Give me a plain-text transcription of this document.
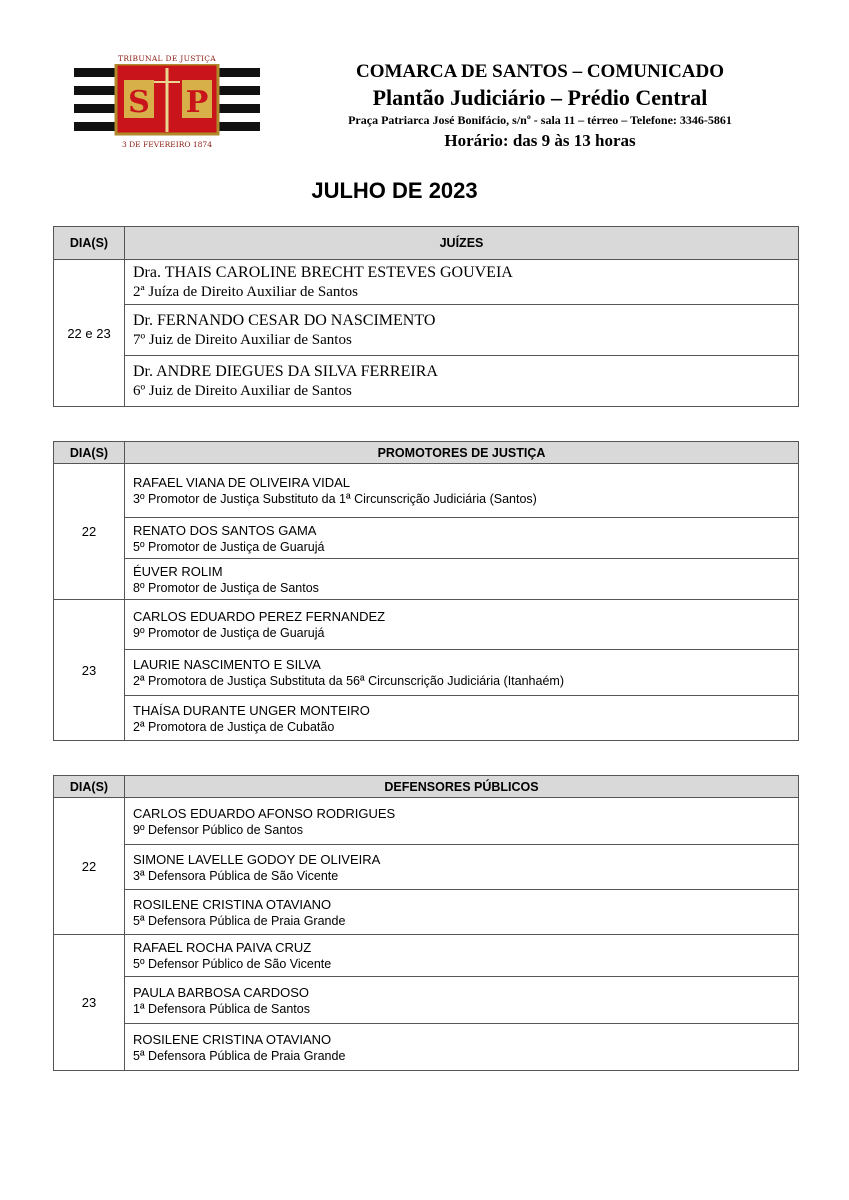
TRIBUNAL DE JUSTIÇA
S P
3 DE FEVEREIRO 1874
COMARCA DE SANTOS – COMUNICADO
Plantão Judiciário – Prédio Central
Praça Patriarca José Bonifácio, s/nº - sala 11 – térreo – Telefone: 3346-5861
Horário: das 9 às 13 horas
JULHO DE 2023
DIA(S)	JUÍZES
22 e 23	Dra. THAIS CAROLINE BRECHT ESTEVES GOUVEIA
2ª Juíza de Direito Auxiliar de Santos

	Dr. FERNANDO CESAR DO NASCIMENTO
7º Juiz de Direito Auxiliar de Santos

	Dr. ANDRE DIEGUES DA SILVA FERREIRA
6º Juiz de Direito Auxiliar de Santos
DIA(S)	PROMOTORES DE JUSTIÇA
22	RAFAEL VIANA DE OLIVEIRA VIDAL
3º Promotor de Justiça Substituto da 1ª Circunscrição Judiciária (Santos)

	RENATO DOS SANTOS GAMA
5º Promotor de Justiça de Guarujá

	ÉUVER ROLIM
8º Promotor de Justiça de Santos

23	CARLOS EDUARDO PEREZ FERNANDEZ
9º Promotor de Justiça de Guarujá

	LAURIE NASCIMENTO E SILVA
2ª Promotora de Justiça Substituta da 56ª Circunscrição Judiciária (Itanhaém)

	THAÍSA DURANTE UNGER MONTEIRO
2ª Promotora de Justiça de Cubatão
DIA(S)	DEFENSORES PÚBLICOS
22	CARLOS EDUARDO AFONSO RODRIGUES
9º Defensor Público de Santos

	SIMONE LAVELLE GODOY DE OLIVEIRA
3ª Defensora Pública de São Vicente

	ROSILENE CRISTINA OTAVIANO
5ª Defensora Pública de Praia Grande

23	RAFAEL ROCHA PAIVA CRUZ
5º Defensor Público de São Vicente

	PAULA BARBOSA CARDOSO
1ª Defensora Pública de Santos

	ROSILENE CRISTINA OTAVIANO
5ª Defensora Pública de Praia Grande
